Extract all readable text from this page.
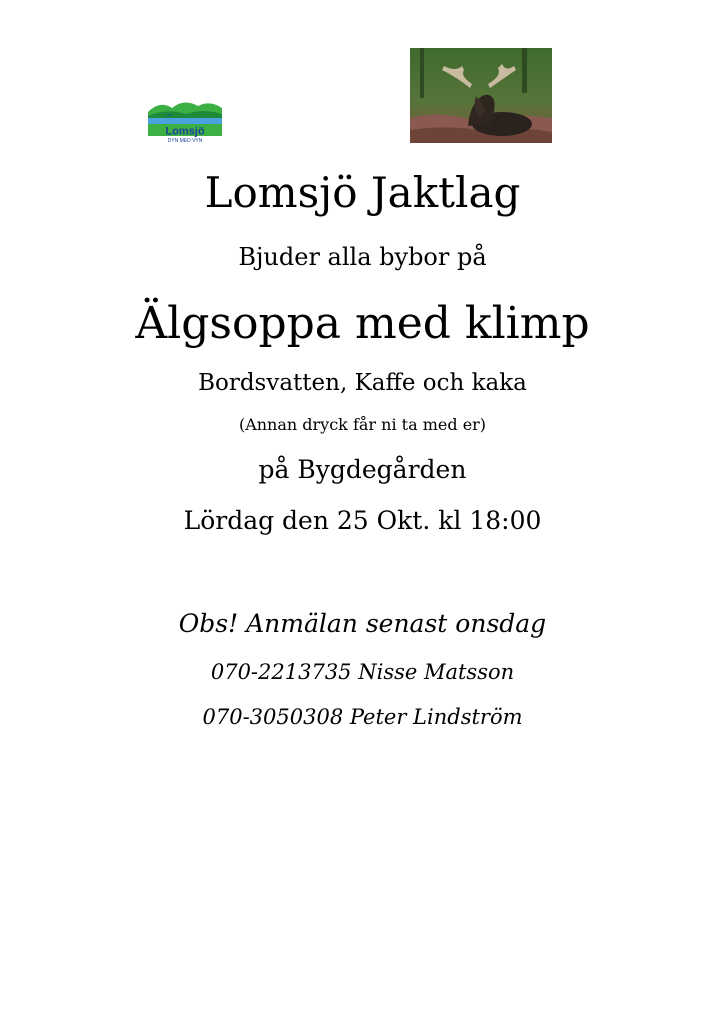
Lomsjö
DYN MED VYN
Lomsjö Jaktlag
Bjuder alla bybor på
Älgsoppa med klimp
Bordsvatten, Kaffe och kaka
(Annan dryck får ni ta med er)
på Bygdegården
Lördag den 25 Okt. kl 18:00
Obs! Anmälan senast onsdag
070-2213735 Nisse Matsson
070-3050308 Peter Lindström
